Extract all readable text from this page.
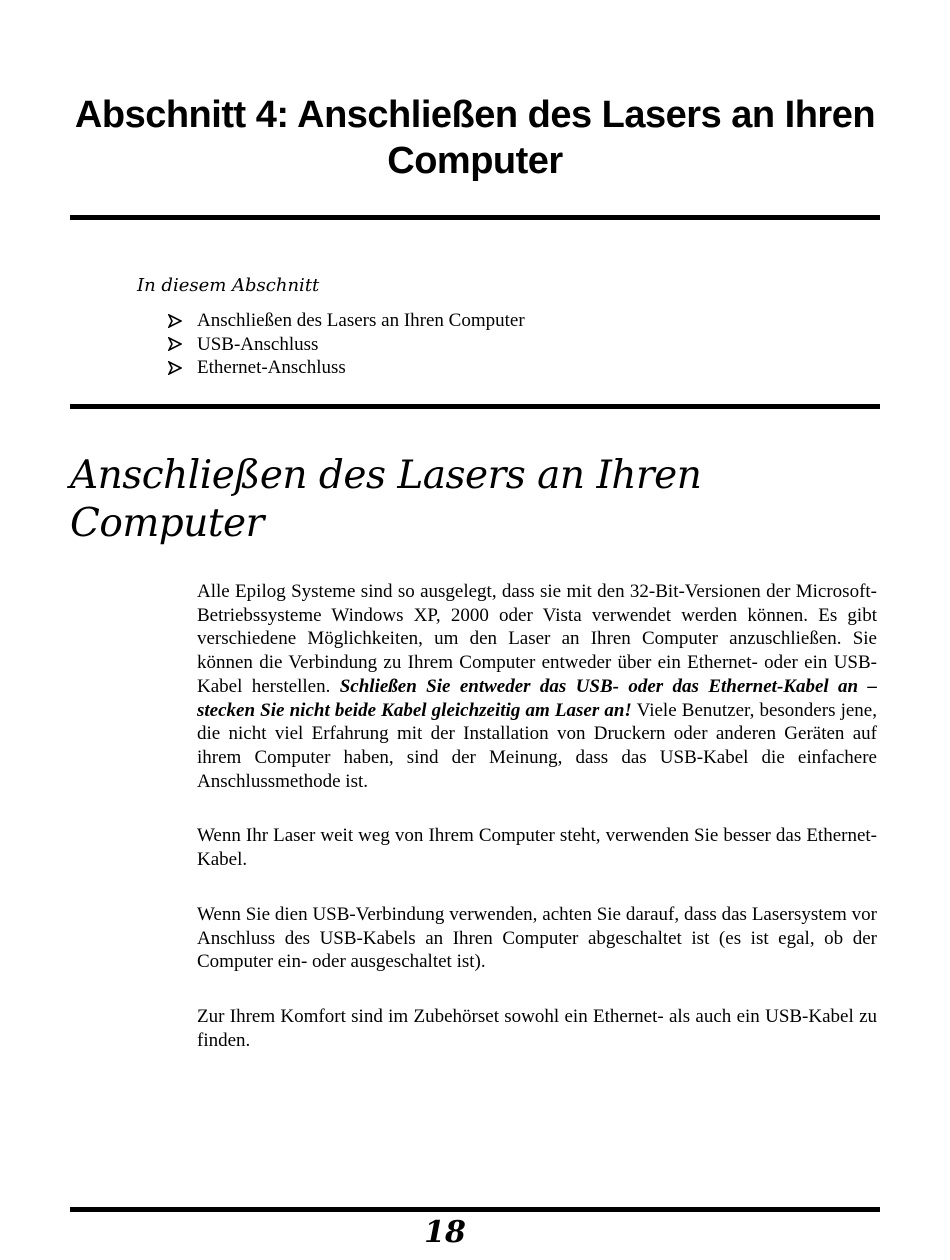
Abschnitt 4: Anschließen des Lasers an Ihren
Computer
In diesem Abschnitt
Anschließen des Lasers an Ihren Computer
USB-Anschluss
Ethernet-Anschluss
Anschließen des Lasers an Ihren
Computer

Alle Epilog Systeme sind so ausgelegt, dass sie mit den 32-Bit-Versionen der Microsoft-Betriebssysteme Windows XP, 2000 oder Vista verwendet werden können. Es gibt verschiedene Möglichkeiten, um den Laser an Ihren Computer anzuschließen. Sie können die Verbindung zu Ihrem Computer entweder über ein Ethernet- oder ein USB-Kabel herstellen. Schließen Sie entweder das USB- oder das Ethernet-Kabel an – stecken Sie nicht beide Kabel gleichzeitig am Laser an! Viele Benutzer, besonders jene, die nicht viel Erfahrung mit der Installation von Druckern oder anderen Geräten auf ihrem Computer haben, sind der Meinung, dass das USB-Kabel die einfachere Anschlussmethode ist.

Wenn Ihr Laser weit weg von Ihrem Computer steht, verwenden Sie besser das Ethernet-Kabel.

Wenn Sie dien USB-Verbindung verwenden, achten Sie darauf, dass das Lasersystem vor Anschluss des USB-Kabels an Ihren Computer abgeschaltet ist (es ist egal, ob der Computer ein- oder ausgeschaltet ist).

Zur Ihrem Komfort sind im Zubehörset sowohl ein Ethernet- als auch ein USB-Kabel zu finden.

18
